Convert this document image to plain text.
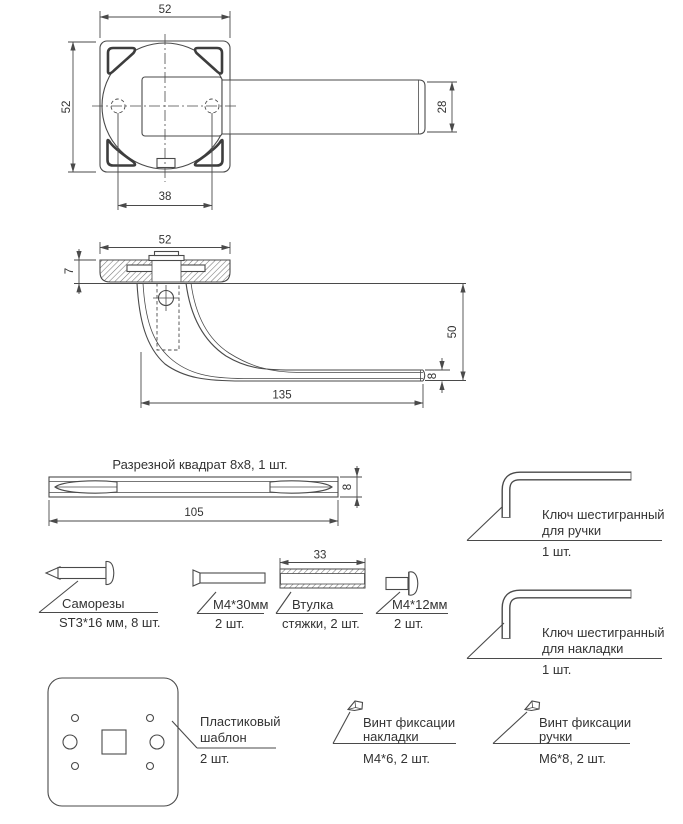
52
52	28
38
52
7
50
8
135
Разрезной квадрат 8x8, 1 шт.
8
105	Ключ шестигранный
для ручки
1 шт.
Ключ шестигранный
для накладки
1 шт.
Саморезы
ST3*16 мм, 8 шт.
M4*30мм
2 шт.
33
Втулка
стяжки, 2 шт.
M4*12мм
2 шт.
Пластиковый
шаблон
2 шт.
Винт фиксации
накладки
M4*6, 2 шт.
Винт фиксации
ручки
M6*8, 2 шт.
